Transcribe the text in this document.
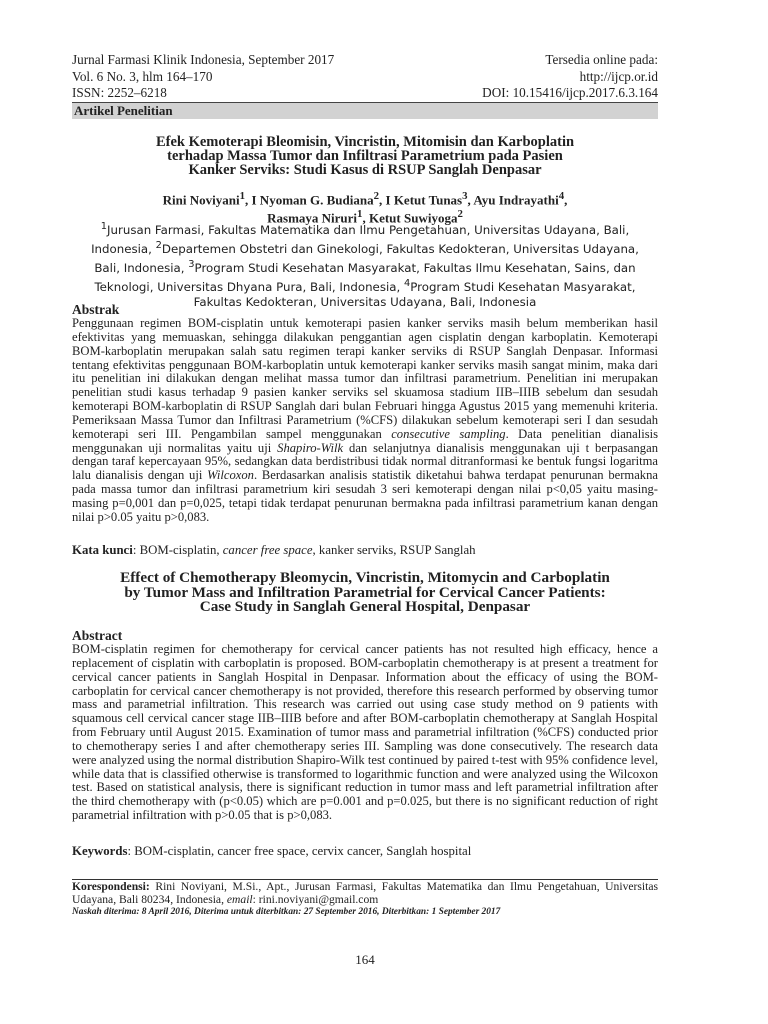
Jurnal Farmasi Klinik Indonesia, September 2017	Tersedia online pada:
Vol. 6 No. 3, hlm 164–170	http://ijcp.or.id
ISSN: 2252–6218	DOI: 10.15416/ijcp.2017.6.3.164
Artikel Penelitian
Efek Kemoterapi Bleomisin, Vincristin, Mitomisin dan Karboplatin
terhadap Massa Tumor dan Infiltrasi Parametrium pada Pasien
Kanker Serviks: Studi Kasus di RSUP Sanglah Denpasar
Rini Noviyani$^1$, I Nyoman G. Budiana$^2$, I Ketut Tunas$^3$, Ayu Indrayathi$^4$,
Rasmaya Niruri$^1$, Ketut Suwiyoga$^2$
$^1$Jurusan Farmasi, Fakultas Matematika dan Ilmu Pengetahuan, Universitas Udayana, Bali,
Indonesia, $^2$Departemen Obstetri dan Ginekologi, Fakultas Kedokteran, Universitas Udayana,
Bali, Indonesia, $^3$Program Studi Kesehatan Masyarakat, Fakultas Ilmu Kesehatan, Sains, dan
Teknologi, Universitas Dhyana Pura, Bali, Indonesia, $^4$Program Studi Kesehatan Masyarakat,
Fakultas Kedokteran, Universitas Udayana, Bali, Indonesia
Abstrak
Penggunaan regimen BOM-cisplatin untuk kemoterapi pasien kanker serviks masih belum memberikan hasil efektivitas yang memuaskan, sehingga dilakukan penggantian agen cisplatin dengan karboplatin. Kemoterapi BOM-karboplatin merupakan salah satu regimen terapi kanker serviks di RSUP Sanglah Denpasar. Informasi tentang efektivitas penggunaan BOM-karboplatin untuk kemoterapi kanker serviks masih sangat minim, maka dari itu penelitian ini dilakukan dengan melihat massa tumor dan infiltrasi parametrium. Penelitian ini merupakan penelitian studi kasus terhadap 9 pasien kanker serviks sel skuamosa stadium IIB–IIIB sebelum dan sesudah kemoterapi BOM-karboplatin di RSUP Sanglah dari bulan Februari hingga Agustus 2015 yang memenuhi kriteria. Pemeriksaan Massa Tumor dan Infiltrasi Parametrium (%CFS) dilakukan sebelum kemoterapi seri I dan sesudah kemoterapi seri III. Pengambilan sampel menggunakan consecutive sampling. Data penelitian dianalisis menggunakan uji normalitas yaitu uji Shapiro-Wilk dan selanjutnya dianalisis menggunakan uji t berpasangan dengan taraf kepercayaan 95%, sedangkan data berdistribusi tidak normal ditranformasi ke bentuk fungsi logaritma lalu dianalisis dengan uji Wilcoxon. Berdasarkan analisis statistik diketahui bahwa terdapat penurunan bermakna pada massa tumor dan infiltrasi parametrium kiri sesudah 3 seri kemoterapi dengan nilai p<0,05 yaitu masing-masing p=0,001 dan p=0,025, tetapi tidak terdapat penurunan bermakna pada infiltrasi parametrium kanan dengan nilai p>0.05 yaitu p>0,083.
Kata kunci: BOM-cisplatin, cancer free space, kanker serviks, RSUP Sanglah
Effect of Chemotherapy Bleomycin, Vincristin, Mitomycin and Carboplatin
by Tumor Mass and Infiltration Parametrial for Cervical Cancer Patients:
Case Study in Sanglah General Hospital, Denpasar
Abstract
BOM-cisplatin regimen for chemotherapy for cervical cancer patients has not resulted high efficacy, hence a replacement of cisplatin with carboplatin is proposed. BOM-carboplatin chemotherapy is at present a treatment for cervical cancer patients in Sanglah Hospital in Denpasar. Information about the efficacy of using the BOM-carboplatin for cervical cancer chemotherapy is not provided, therefore this research performed by observing tumor mass and parametrial infiltration. This research was carried out using case study method on 9 patients with squamous cell cervical cancer stage IIB–IIIB before and after BOM-carboplatin chemotherapy at Sanglah Hospital from February until August 2015. Examination of tumor mass and parametrial infiltration (%CFS) conducted prior to chemotherapy series I and after chemotherapy series III. Sampling was done consecutively. The research data were analyzed using the normal distribution Shapiro-Wilk test continued by paired t-test with 95% confidence level, while data that is classified otherwise is transformed to logarithmic function and were analyzed using the Wilcoxon test. Based on statistical analysis, there is significant reduction in tumor mass and left parametrial infiltration after the third chemotherapy with (p<0.05) which are p=0.001 and p=0.025, but there is no significant reduction of right parametrial infiltration with p>0.05 that is p>0,083.
Keywords: BOM-cisplatin, cancer free space, cervix cancer, Sanglah hospital
Korespondensi: Rini Noviyani, M.Si., Apt., Jurusan Farmasi, Fakultas Matematika dan Ilmu Pengetahuan, Universitas Udayana, Bali 80234, Indonesia, email: rini.noviyani@gmail.com
Naskah diterima: 8 April 2016, Diterima untuk diterbitkan: 27 September 2016, Diterbitkan: 1 September 2017
164
